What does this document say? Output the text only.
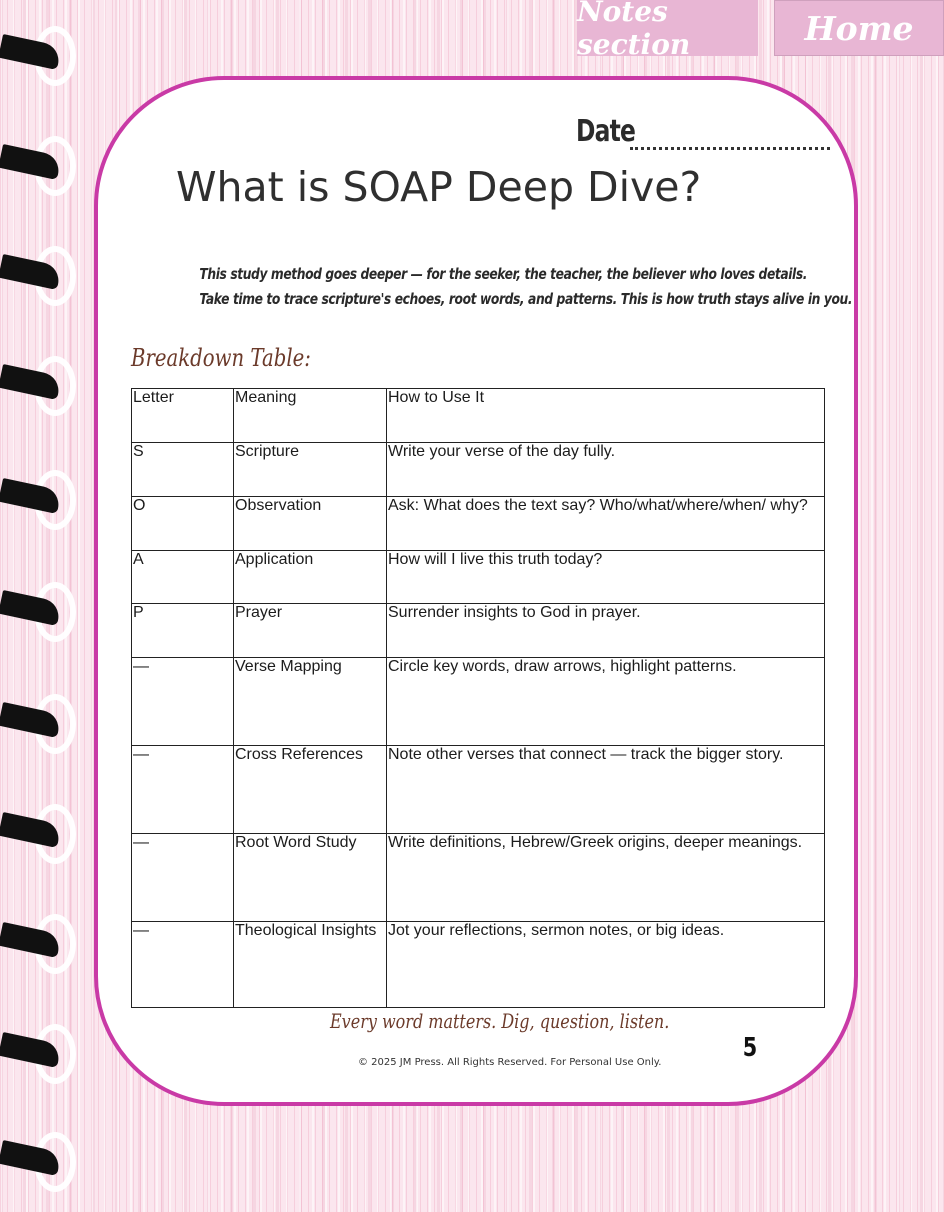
Notes section	Home
Date
What is SOAP Deep Dive?
This study method goes deeper — for the seeker, the teacher, the believer who loves details.
Take time to trace scripture's echoes, root words, and patterns. This is how truth stays alive in you.
Breakdown Table:
Letter	Meaning	How to Use It
S	Scripture	Write your verse of the day fully.
O	Observation	Ask: What does the text say? Who/what/where/when/ why?
A	Application	How will I live this truth today?
P	Prayer	Surrender insights to God in prayer.
—	Verse Mapping	Circle key words, draw arrows, highlight patterns.
—	Cross References	Note other verses that connect — track the bigger story.
—	Root Word Study	Write definitions, Hebrew/Greek origins, deeper meanings.
—	Theological Insights	Jot your reflections, sermon notes, or big ideas.
Every word matters. Dig, question, listen.
5
© 2025 JM Press. All Rights Reserved. For Personal Use Only.
